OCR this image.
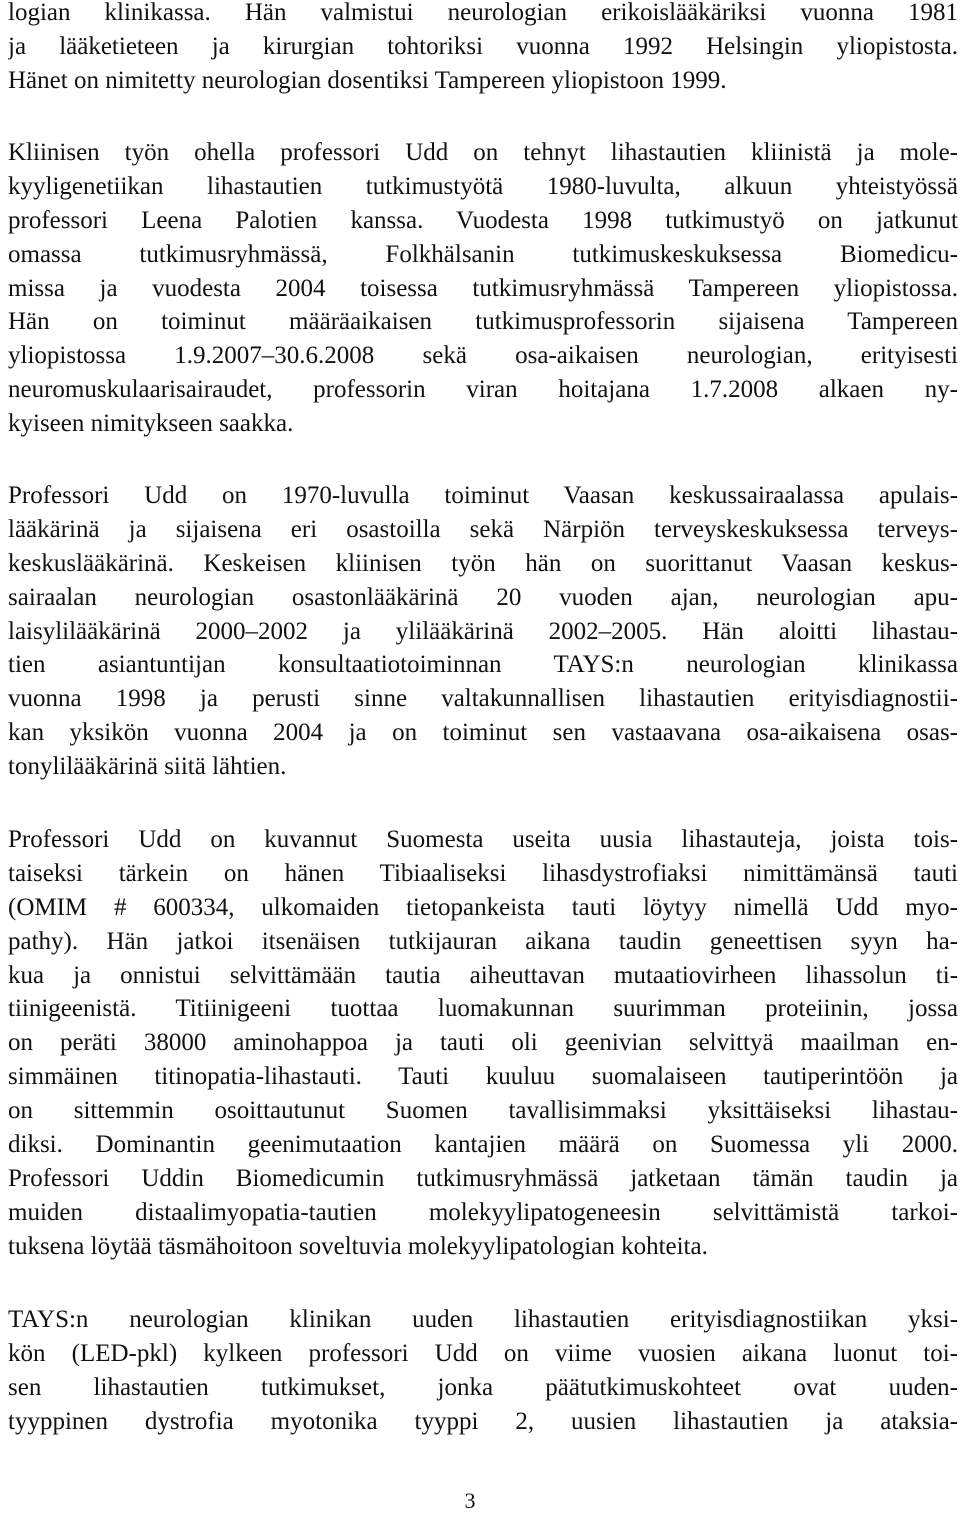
logian klinikassa. Hän valmistui neurologian erikoislääkäriksi vuonna 1981
ja lääketieteen ja kirurgian tohtoriksi vuonna 1992 Helsingin yliopistosta.
Hänet on nimitetty neurologian dosentiksi Tampereen yliopistoon 1999.

Kliinisen työn ohella professori Udd on tehnyt lihastautien kliinistä ja mole-
kyyligenetiikan lihastautien tutkimustyötä 1980-luvulta, alkuun yhteistyössä
professori Leena Palotien kanssa. Vuodesta 1998 tutkimustyö on jatkunut
omassa tutkimusryhmässä, Folkhälsanin tutkimuskeskuksessa Biomedicu-
missa ja vuodesta 2004 toisessa tutkimusryhmässä Tampereen yliopistossa.
Hän on toiminut määräaikaisen tutkimusprofessorin sijaisena Tampereen
yliopistossa 1.9.2007–30.6.2008 sekä osa-aikaisen neurologian, erityisesti
neuromuskulaarisairaudet, professorin viran hoitajana 1.7.2008 alkaen ny-
kyiseen nimitykseen saakka.

Professori Udd on 1970-luvulla toiminut Vaasan keskussairaalassa apulais-
lääkärinä ja sijaisena eri osastoilla sekä Närpiön terveyskeskuksessa terveys-
keskuslääkärinä. Keskeisen kliinisen työn hän on suorittanut Vaasan keskus-
sairaalan neurologian osastonlääkärinä 20 vuoden ajan, neurologian apu-
laisylilääkärinä 2000–2002 ja ylilääkärinä 2002–2005. Hän aloitti lihastau-
tien asiantuntijan konsultaatiotoiminnan TAYS:n neurologian klinikassa
vuonna 1998 ja perusti sinne valtakunnallisen lihastautien erityisdiagnostii-
kan yksikön vuonna 2004 ja on toiminut sen vastaavana osa-aikaisena osas-
tonylilääkärinä siitä lähtien.

Professori Udd on kuvannut Suomesta useita uusia lihastauteja, joista tois-
taiseksi tärkein on hänen Tibiaaliseksi lihasdystrofiaksi nimittämänsä tauti
(OMIM # 600334, ulkomaiden tietopankeista tauti löytyy nimellä Udd myo-
pathy). Hän jatkoi itsenäisen tutkijauran aikana taudin geneettisen syyn ha-
kua ja onnistui selvittämään tautia aiheuttavan mutaatiovirheen lihassolun ti-
tiinigeenistä. Titiinigeeni tuottaa luomakunnan suurimman proteiinin, jossa
on peräti 38000 aminohappoa ja tauti oli geenivian selvittyä maailman en-
simmäinen titinopatia-lihastauti. Tauti kuuluu suomalaiseen tautiperintöön ja
on sittemmin osoittautunut Suomen tavallisimmaksi yksittäiseksi lihastau-
diksi. Dominantin geenimutaation kantajien määrä on Suomessa yli 2000.
Professori Uddin Biomedicumin tutkimusryhmässä jatketaan tämän taudin ja
muiden distaalimyopatia-tautien molekyylipatogeneesin selvittämistä tarkoi-
tuksena löytää täsmähoitoon soveltuvia molekyylipatologian kohteita.

TAYS:n neurologian klinikan uuden lihastautien erityisdiagnostiikan yksi-
kön (LED-pkl) kylkeen professori Udd on viime vuosien aikana luonut toi-
sen lihastautien tutkimukset, jonka päätutkimuskohteet ovat uuden-
tyyppinen dystrofia myotonika tyyppi 2, uusien lihastautien ja ataksia-

3
